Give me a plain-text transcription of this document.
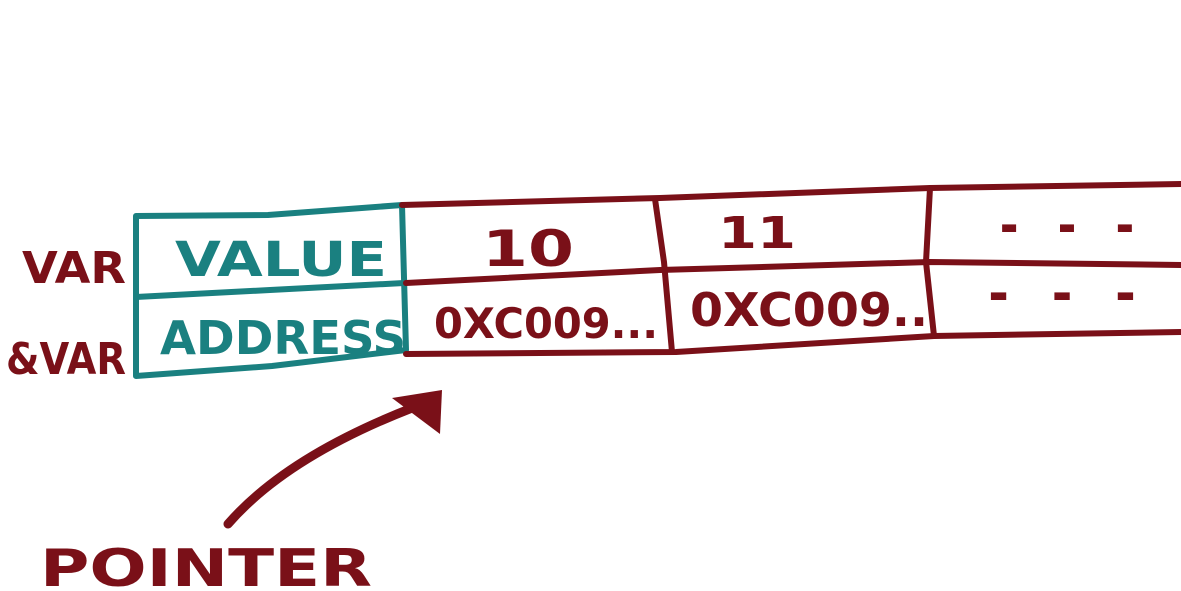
VAR
&VAR
VALUE
ADDRESS
10	11	. . .
0XC009... 0XC009.. . . .
POINTER
